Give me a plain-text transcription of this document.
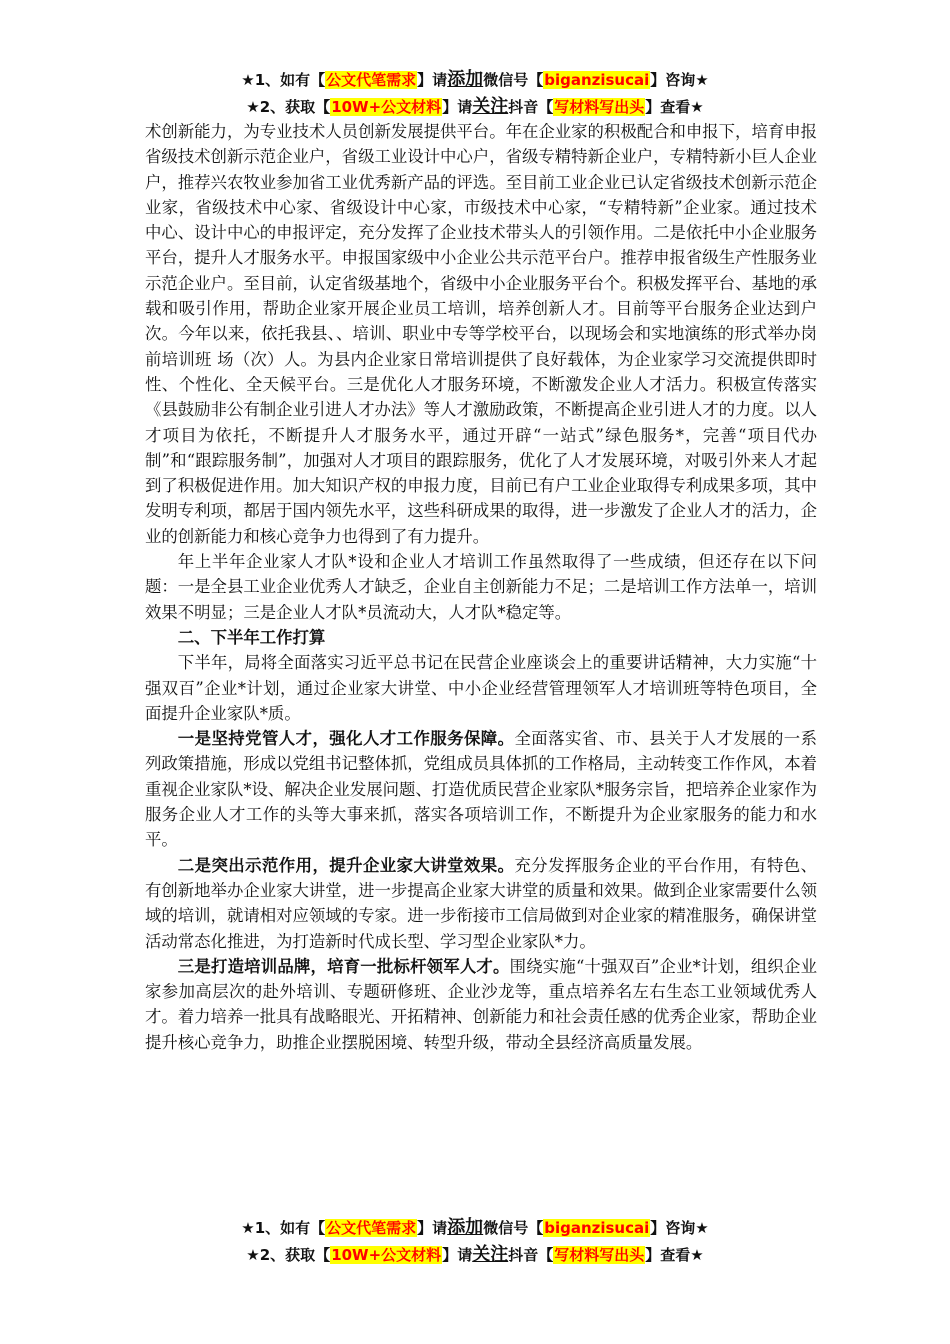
★1、如有【公文代笔需求】请添加微信号【biganzisucai】咨询★
★2、获取【10W+公文材料】请关注抖音【写材料写出头】查看★

术创新能力，为专业技术人员创新发展提供平台。年在企业家的积极配合和申报下，培育申报省级技术创新示范企业户，省级工业设计中心户，省级专精特新企业户，专精特新小巨人企业户，推荐兴农牧业参加省工业优秀新产品的评选。至目前工业企业已认定省级技术创新示范企业家，省级技术中心家、省级设计中心家，市级技术中心家，“专精特新”企业家。通过技术中心、设计中心的申报评定，充分发挥了企业技术带头人的引领作用。二是依托中小企业服务平台，提升人才服务水平。申报国家级中小企业公共示范平台户。推荐申报省级生产性服务业示范企业户。至目前，认定省级基地个，省级中小企业服务平台个。积极发挥平台、基地的承载和吸引作用，帮助企业家开展企业员工培训，培养创新人才。目前等平台服务企业达到户次。今年以来，依托我县、、培训、职业中专等学校平台，以现场会和实地演练的形式举办岗前培训班 场（次）人。为县内企业家日常培训提供了良好载体，为企业家学习交流提供即时性、个性化、全天候平台。三是优化人才服务环境，不断激发企业人才活力。积极宣传落实《县鼓励非公有制企业引进人才办法》等人才激励政策，不断提高企业引进人才的力度。以人才项目为依托，不断提升人才服务水平，通过开辟“一站式”绿色服务*，完善“项目代办制”和“跟踪服务制”，加强对人才项目的跟踪服务，优化了人才发展环境，对吸引外来人才起到了积极促进作用。加大知识产权的申报力度，目前已有户工业企业取得专利成果多项，其中发明专利项，都居于国内领先水平，这些科研成果的取得，进一步激发了企业人才的活力，企业的创新能力和核心竞争力也得到了有力提升。

年上半年企业家人才队*设和企业人才培训工作虽然取得了一些成绩，但还存在以下问题：一是全县工业企业优秀人才缺乏，企业自主创新能力不足；二是培训工作方法单一，培训效果不明显；三是企业人才队*员流动大，人才队*稳定等。

二、下半年工作打算

下半年，局将全面落实习近平总书记在民营企业座谈会上的重要讲话精神，大力实施“十强双百”企业*计划，通过企业家大讲堂、中小企业经营管理领军人才培训班等特色项目，全面提升企业家队*质。

一是坚持党管人才，强化人才工作服务保障。全面落实省、市、县关于人才发展的一系列政策措施，形成以党组书记整体抓，党组成员具体抓的工作格局，主动转变工作作风，本着重视企业家队*设、解决企业发展问题、打造优质民营企业家队*服务宗旨，把培养企业家作为服务企业人才工作的头等大事来抓，落实各项培训工作，不断提升为企业家服务的能力和水平。

二是突出示范作用，提升企业家大讲堂效果。充分发挥服务企业的平台作用，有特色、有创新地举办企业家大讲堂，进一步提高企业家大讲堂的质量和效果。做到企业家需要什么领域的培训，就请相对应领域的专家。进一步衔接市工信局做到对企业家的精准服务，确保讲堂活动常态化推进，为打造新时代成长型、学习型企业家队*力。

三是打造培训品牌，培育一批标杆领军人才。围绕实施“十强双百”企业*计划，组织企业家参加高层次的赴外培训、专题研修班、企业沙龙等，重点培养名左右生态工业领域优秀人才。着力培养一批具有战略眼光、开拓精神、创新能力和社会责任感的优秀企业家，帮助企业提升核心竞争力，助推企业摆脱困境、转型升级，带动全县经济高质量发展。

★1、如有【公文代笔需求】请添加微信号【biganzisucai】咨询★
★2、获取【10W+公文材料】请关注抖音【写材料写出头】查看★
